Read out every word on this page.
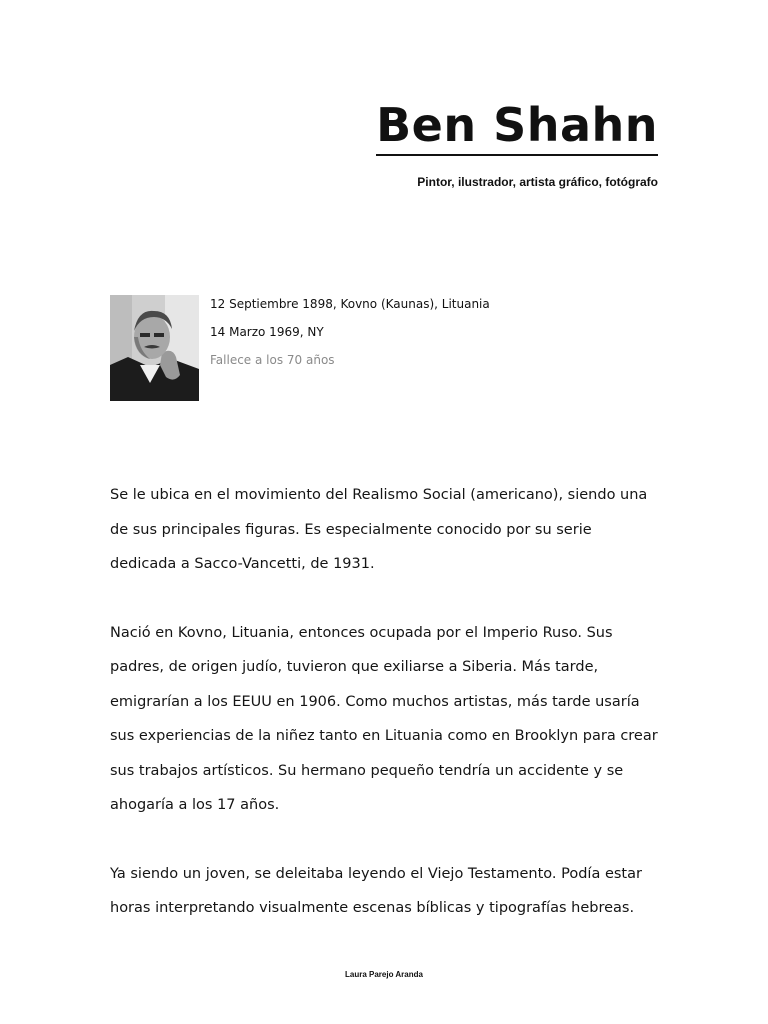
Ben Shahn
Pintor, ilustrador, artista gráfico, fotógrafo
12 Septiembre 1898, Kovno (Kaunas), Lituania
14 Marzo 1969, NY
Fallece a los 70 años

Se le ubica en el movimiento del Realismo Social (americano), siendo una de sus principales figuras. Es especialmente conocido por su serie dedicada a Sacco-Vancetti, de 1931.

Nació en Kovno, Lituania, entonces ocupada por el Imperio Ruso. Sus padres, de origen judío, tuvieron que exiliarse a Siberia. Más tarde, emigrarían a los EEUU en 1906. Como muchos artistas, más tarde usaría sus experiencias de la niñez tanto en Lituania como en Brooklyn para crear sus trabajos artísticos. Su hermano pequeño tendría un accidente y se ahogaría a los 17 años.

Ya siendo un joven, se deleitaba leyendo el Viejo Testamento. Podía estar horas interpretando visualmente escenas bíblicas y tipografías hebreas.

Laura Parejo Aranda
